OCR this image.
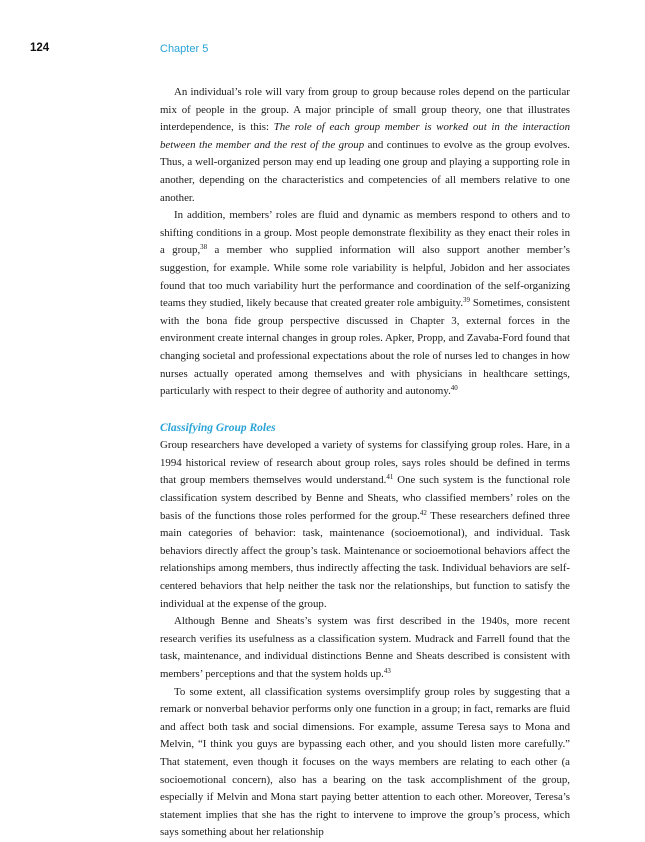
124	Chapter 5

An individual’s role will vary from group to group because roles depend on the particular mix of people in the group. A major principle of small group theory, one that illustrates interdependence, is this: The role of each group member is worked out in the interaction between the member and the rest of the group and continues to evolve as the group evolves. Thus, a well-organized person may end up leading one group and playing a supporting role in another, depending on the characteristics and competencies of all members relative to one another.

In addition, members’ roles are fluid and dynamic as members respond to others and to shifting conditions in a group. Most people demonstrate flexibility as they enact their roles in a group,$^{38}$ a member who supplied information will also support another member’s suggestion, for example. While some role variability is helpful, Jobidon and her associates found that too much variability hurt the performance and coordination of the self-organizing teams they studied, likely because that created greater role ambiguity.$^{39}$ Sometimes, consistent with the bona fide group perspective discussed in Chapter 3, external forces in the environment create internal changes in group roles. Apker, Propp, and Zavaba-Ford found that changing societal and professional expectations about the role of nurses led to changes in how nurses actually operated among themselves and with physicians in healthcare settings, particularly with respect to their degree of authority and autonomy.$^{40}$

Classifying Group Roles

Group researchers have developed a variety of systems for classifying group roles. Hare, in a 1994 historical review of research about group roles, says roles should be defined in terms that group members themselves would understand.$^{41}$ One such system is the functional role classification system described by Benne and Sheats, who classified members’ roles on the basis of the functions those roles performed for the group.$^{42}$ These researchers defined three main categories of behavior: task, maintenance (socioemotional), and individual. Task behaviors directly affect the group’s task. Maintenance or socioemotional behaviors affect the relationships among members, thus indirectly affecting the task. Individual behaviors are self-centered behaviors that help neither the task nor the relationships, but function to satisfy the individual at the expense of the group.

Although Benne and Sheats’s system was first described in the 1940s, more recent research verifies its usefulness as a classification system. Mudrack and Farrell found that the task, maintenance, and individual distinctions Benne and Sheats described is consistent with members’ perceptions and that the system holds up.$^{43}$

To some extent, all classification systems oversimplify group roles by suggesting that a remark or nonverbal behavior performs only one function in a group; in fact, remarks are fluid and affect both task and social dimensions. For example, assume Teresa says to Mona and Melvin, “I think you guys are bypassing each other, and you should listen more carefully.” That statement, even though it focuses on the ways members are relating to each other (a socioemotional concern), also has a bearing on the task accomplishment of the group, especially if Melvin and Mona start paying better attention to each other. Moreover, Teresa’s statement implies that she has the right to intervene to improve the group’s process, which says something about her relationship
